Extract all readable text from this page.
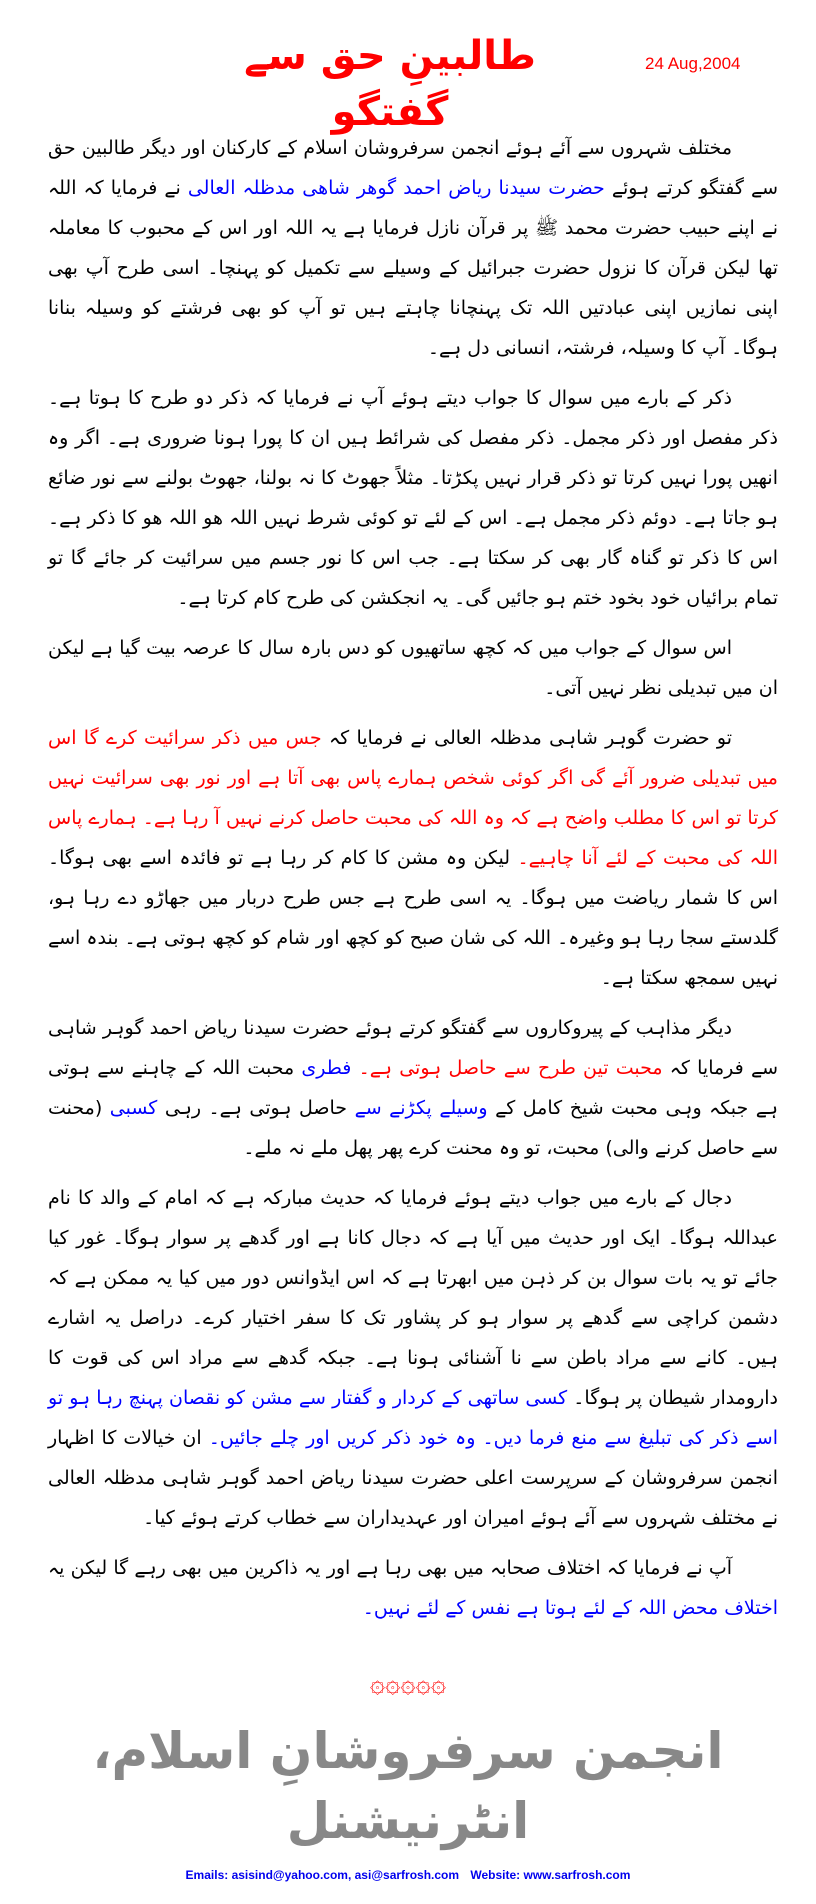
طالبینِ حق سے گفتگو
24 Aug,2004

مختلف شہروں سے آئے ہوئے انجمن سرفروشان اسلام کے کارکنان اور دیگر طالبین حق سے گفتگو کرتے ہوئے حضرت سیدنا ریاض احمد گوھر شاھی مدظلہ العالی نے فرمایا کہ اللہ نے اپنے حبیب حضرت محمد ﷺ پر قرآن نازل فرمایا ہے یہ اللہ اور اس کے محبوب کا معاملہ تھا لیکن قرآن کا نزول حضرت جبرائیل کے وسیلے سے تکمیل کو پہنچا۔ اسی طرح آپ بھی اپنی نمازیں اپنی عبادتیں اللہ تک پہنچانا چاہتے ہیں تو آپ کو بھی فرشتے کو وسیلہ بنانا ہوگا۔ آپ کا وسیلہ، فرشتہ، انسانی دل ہے۔

ذکر کے بارے میں سوال کا جواب دیتے ہوئے آپ نے فرمایا کہ ذکر دو طرح کا ہوتا ہے۔ ذکر مفصل اور ذکر مجمل۔ ذکر مفصل کی شرائط ہیں ان کا پورا ہونا ضروری ہے۔ اگر وہ انھیں پورا نہیں کرتا تو ذکر قرار نہیں پکڑتا۔ مثلاً جھوٹ کا نہ بولنا، جھوٹ بولنے سے نور ضائع ہو جاتا ہے۔ دوئم ذکر مجمل ہے۔ اس کے لئے تو کوئی شرط نہیں اللہ ھو اللہ ھو کا ذکر ہے۔ اس کا ذکر تو گناہ گار بھی کر سکتا ہے۔ جب اس کا نور جسم میں سرائیت کر جائے گا تو تمام برائیاں خود بخود ختم ہو جائیں گی۔ یہ انجکشن کی طرح کام کرتا ہے۔

اس سوال کے جواب میں کہ کچھ ساتھیوں کو دس بارہ سال کا عرصہ بیت گیا ہے لیکن ان میں تبدیلی نظر نہیں آتی۔

تو حضرت گوہر شاہی مدظلہ العالی نے فرمایا کہ جس میں ذکر سرائیت کرے گا اس میں تبدیلی ضرور آئے گی اگر کوئی شخص ہمارے پاس بھی آتا ہے اور نور بھی سرائیت نہیں کرتا تو اس کا مطلب واضح ہے کہ وہ اللہ کی محبت حاصل کرنے نہیں آ رہا ہے۔ ہمارے پاس اللہ کی محبت کے لئے آنا چاہیے۔ لیکن وہ مشن کا کام کر رہا ہے تو فائدہ اسے بھی ہوگا۔ اس کا شمار ریاضت میں ہوگا۔ یہ اسی طرح ہے جس طرح دربار میں جھاڑو دے رہا ہو، گلدستے سجا رہا ہو وغیرہ۔ اللہ کی شان صبح کو کچھ اور شام کو کچھ ہوتی ہے۔ بندہ اسے نہیں سمجھ سکتا ہے۔

دیگر مذاہب کے پیروکاروں سے گفتگو کرتے ہوئے حضرت سیدنا ریاض احمد گوہر شاہی سے فرمایا کہ محبت تین طرح سے حاصل ہوتی ہے۔ فطری محبت اللہ کے چاہنے سے ہوتی ہے جبکہ وہی محبت شیخ کامل کے وسیلے پکڑنے سے حاصل ہوتی ہے۔ رہی کسبی (محنت سے حاصل کرنے والی) محبت، تو وہ محنت کرے پھر پھل ملے نہ ملے۔

دجال کے بارے میں جواب دیتے ہوئے فرمایا کہ حدیث مبارکہ ہے کہ امام کے والد کا نام عبداللہ ہوگا۔ ایک اور حدیث میں آیا ہے کہ دجال کانا ہے اور گدھے پر سوار ہوگا۔ غور کیا جائے تو یہ بات سوال بن کر ذہن میں ابھرتا ہے کہ اس ایڈوانس دور میں کیا یہ ممکن ہے کہ دشمن کراچی سے گدھے پر سوار ہو کر پشاور تک کا سفر اختیار کرے۔ دراصل یہ اشارے ہیں۔ کانے سے مراد باطن سے نا آشنائی ہونا ہے۔ جبکہ گدھے سے مراد اس کی قوت کا دارومدار شیطان پر ہوگا۔ کسی ساتھی کے کردار و گفتار سے مشن کو نقصان پہنچ رہا ہو تو اسے ذکر کی تبلیغ سے منع فرما دیں۔ وہ خود ذکر کریں اور چلے جائیں۔ ان خیالات کا اظہار انجمن سرفروشان کے سرپرست اعلی حضرت سیدنا ریاض احمد گوہر شاہی مدظلہ العالی نے مختلف شہروں سے آئے ہوئے امیران اور عہدیداران سے خطاب کرتے ہوئے کیا۔

آپ نے فرمایا کہ اختلاف صحابہ میں بھی رہا ہے اور یہ ذاکرین میں بھی رہے گا لیکن یہ اختلاف محض اللہ کے لئے ہوتا ہے نفس کے لئے نہیں۔

۞۞۞۞۞
انجمن سرفروشانِ اسلام، انٹرنیشنل
Emails: asisind@yahoo.com, asi@sarfrosh.com Website: www.sarfrosh.com
